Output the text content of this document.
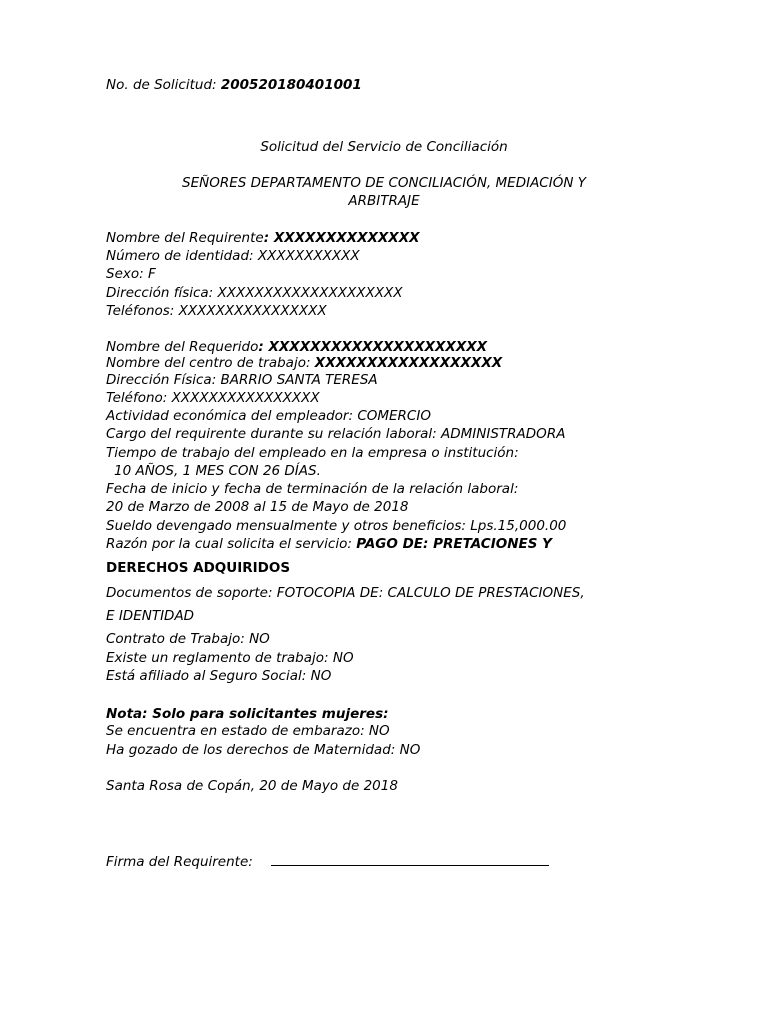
No. de Solicitud: 200520180401001
Solicitud del Servicio de Conciliación
SEÑORES DEPARTAMENTO DE CONCILIACIÓN, MEDIACIÓN Y
ARBITRAJE
Nombre del Requirente: XXXXXXXXXXXXXX
Número de identidad: XXXXXXXXXXX
Sexo: F
Dirección física: XXXXXXXXXXXXXXXXXXXX
Teléfonos: XXXXXXXXXXXXXXXX
Nombre del Requerido: XXXXXXXXXXXXXXXXXXXXX
Nombre del centro de trabajo: XXXXXXXXXXXXXXXXXX
Dirección Física: BARRIO SANTA TERESA
Teléfono: XXXXXXXXXXXXXXXX
Actividad económica del empleador: COMERCIO
Cargo del requirente durante su relación laboral: ADMINISTRADORA
Tiempo de trabajo del empleado en la empresa o institución:
10 AÑOS, 1 MES CON 26 DÍAS.
Fecha de inicio y fecha de terminación de la relación laboral:
20 de Marzo de 2008 al 15 de Mayo de 2018
Sueldo devengado mensualmente y otros beneficios: Lps.15,000.00
Razón por la cual solicita el servicio: PAGO DE: PRETACIONES Y
DERECHOS ADQUIRIDOS
Documentos de soporte: FOTOCOPIA DE: CALCULO DE PRESTACIONES,
E IDENTIDAD
Contrato de Trabajo: NO
Existe un reglamento de trabajo: NO
Está afiliado al Seguro Social: NO
Nota: Solo para solicitantes mujeres:
Se encuentra en estado de embarazo: NO
Ha gozado de los derechos de Maternidad: NO
Santa Rosa de Copán, 20 de Mayo de 2018
Firma del Requirente:
